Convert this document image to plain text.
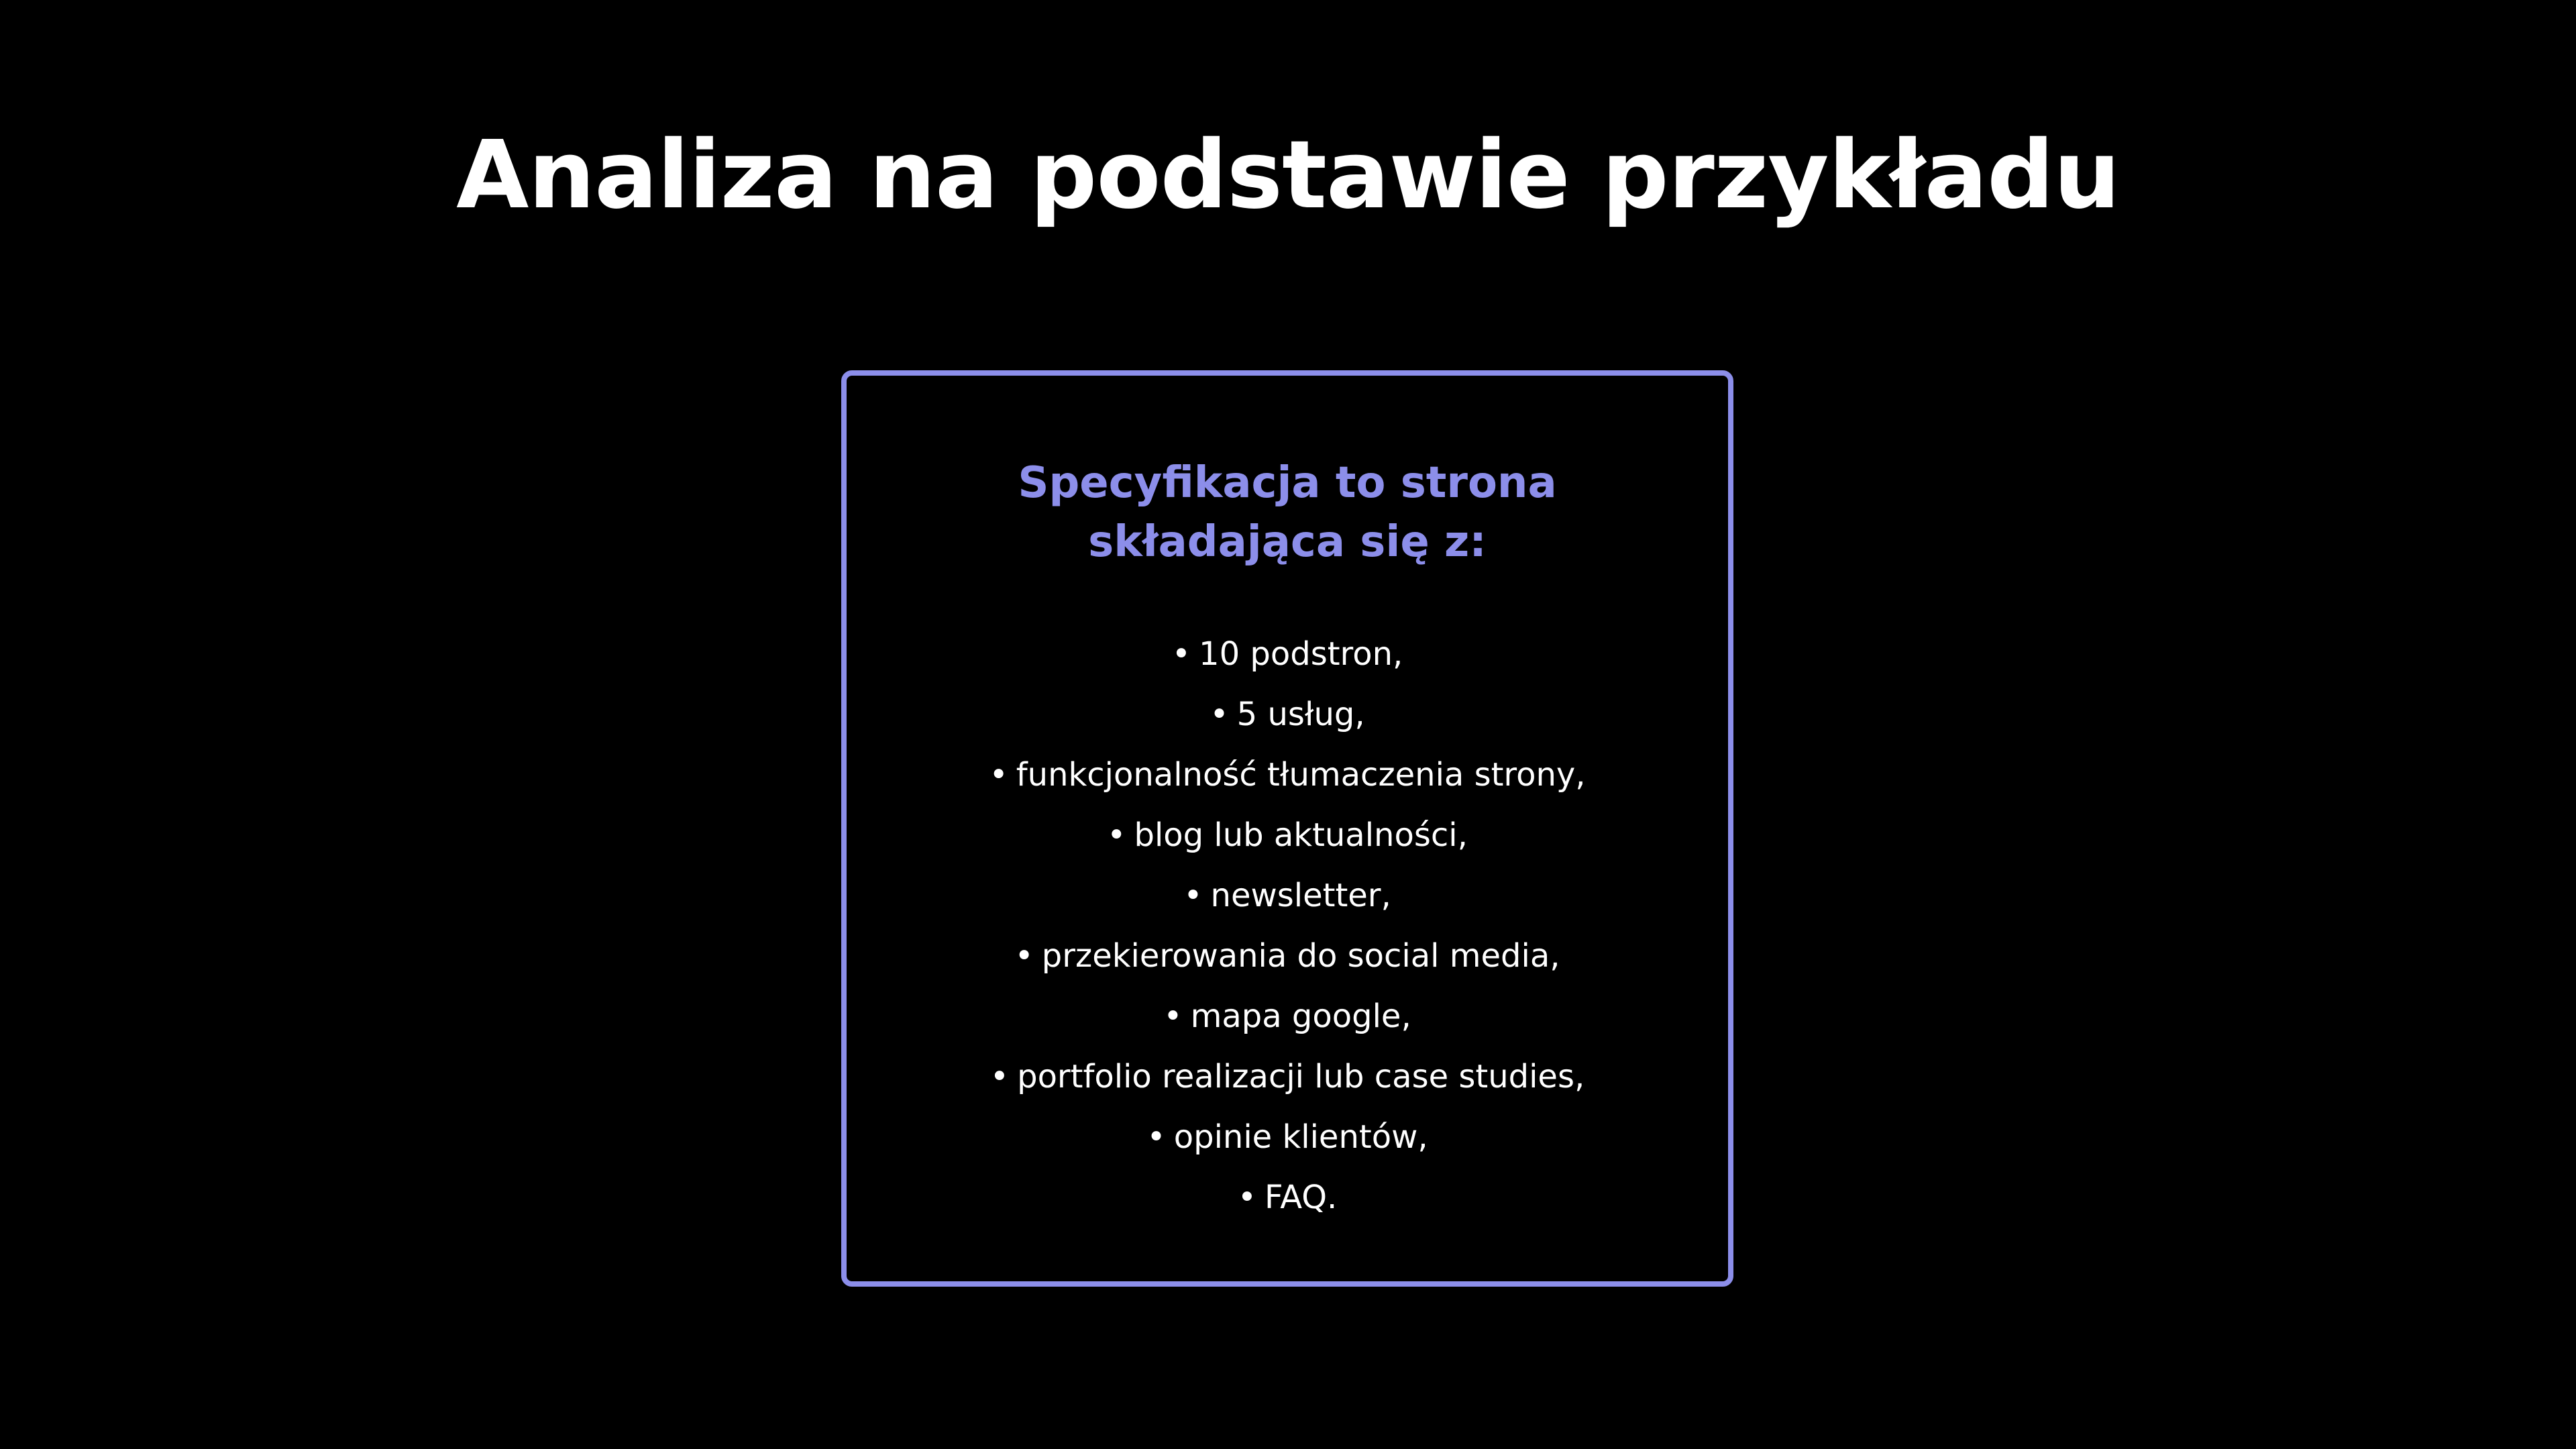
Analiza na podstawie przykładu
Specyfikacja to strona
składająca się z:
• 10 podstron,
• 5 usług,
• funkcjonalność tłumaczenia strony,
• blog lub aktualności,
• newsletter,
• przekierowania do social media,
• mapa google,
• portfolio realizacji lub case studies,
• opinie klientów,
• FAQ.
